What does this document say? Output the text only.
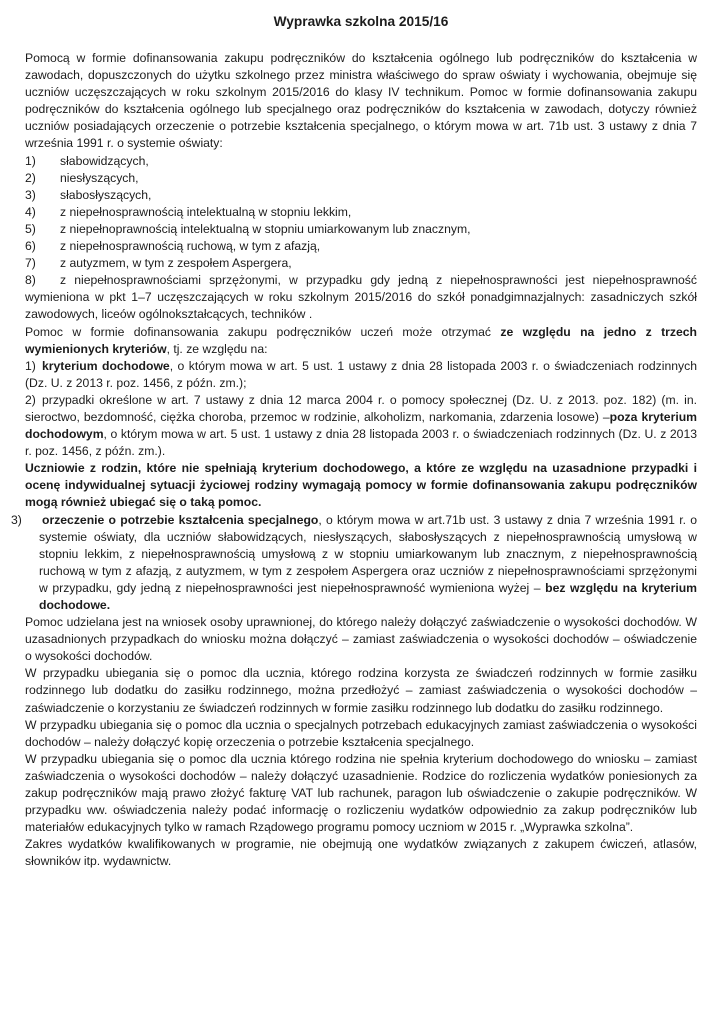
Wyprawka szkolna 2015/16

Pomocą w formie dofinansowania zakupu podręczników do kształcenia ogólnego lub podręczników do kształcenia w zawodach, dopuszczonych do użytku szkolnego przez ministra właściwego do spraw oświaty i wychowania, obejmuje się uczniów uczęszczających w roku szkolnym 2015/2016 do klasy IV technikum. Pomoc w formie dofinansowania zakupu podręczników do kształcenia ogólnego lub specjalnego oraz podręczników do kształcenia w zawodach, dotyczy również uczniów posiadających orzeczenie o potrzebie kształcenia specjalnego, o którym mowa w art. 71b ust. 3 ustawy z dnia 7 września 1991 r. o systemie oświaty:

1) słabowidzących,

2) niesłyszących,

3) słabosłyszących,

4) z niepełnosprawnością intelektualną w stopniu lekkim,

5) z niepełnoprawnością intelektualną w stopniu umiarkowanym lub znacznym,

6) z niepełnosprawnością ruchową, w tym z afazją,

7) z autyzmem, w tym z zespołem Aspergera,

8) z niepełnosprawnościami sprzężonymi, w przypadku gdy jedną z niepełnosprawności jest niepełnosprawność wymieniona w pkt 1–7 uczęszczających w roku szkolnym 2015/2016 do szkół ponadgimnazjalnych: zasadniczych szkół zawodowych, liceów ogólnokształcących, techników .

Pomoc w formie dofinansowania zakupu podręczników uczeń może otrzymać ze względu na jedno z trzech wymienionych kryteriów, tj. ze względu na:

1) kryterium dochodowe, o którym mowa w art. 5 ust. 1 ustawy z dnia 28 listopada 2003 r. o świadczeniach rodzinnych (Dz. U. z 2013 r. poz. 1456, z późn. zm.);

2) przypadki określone w art. 7 ustawy z dnia 12 marca 2004 r. o pomocy społecznej (Dz. U. z 2013. poz. 182) (m. in. sieroctwo, bezdomność, ciężka choroba, przemoc w rodzinie, alkoholizm, narkomania, zdarzenia losowe) –poza kryterium dochodowym, o którym mowa w art. 5 ust. 1 ustawy z dnia 28 listopada 2003 r. o świadczeniach rodzinnych (Dz. U. z 2013 r. poz. 1456, z późn. zm.).

Uczniowie z rodzin, które nie spełniają kryterium dochodowego, a które ze względu na uzasadnione przypadki i ocenę indywidualnej sytuacji życiowej rodziny wymagają pomocy w formie dofinansowania zakupu podręczników mogą również ubiegać się o taką pomoc.

3) orzeczenie o potrzebie kształcenia specjalnego, o którym mowa w art.71b ust. 3 ustawy z dnia 7 września 1991 r. o systemie oświaty, dla uczniów słabowidzących, niesłyszących, słabosłyszących z niepełnosprawnością umysłową w stopniu lekkim, z niepełnosprawnością umysłową z w stopniu umiarkowanym lub znacznym, z niepełnosprawnością ruchową w tym z afazją, z autyzmem, w tym z zespołem Aspergera oraz uczniów z niepełnosprawnościami sprzężonymi w przypadku, gdy jedną z niepełnosprawności jest niepełnosprawność wymieniona wyżej – bez względu na kryterium dochodowe.

Pomoc udzielana jest na wniosek osoby uprawnionej, do którego należy dołączyć zaświadczenie o wysokości dochodów. W uzasadnionych przypadkach do wniosku można dołączyć – zamiast zaświadczenia o wysokości dochodów – oświadczenie o wysokości dochodów.

W przypadku ubiegania się o pomoc dla ucznia, którego rodzina korzysta ze świadczeń rodzinnych w formie zasiłku rodzinnego lub dodatku do zasiłku rodzinnego, można przedłożyć – zamiast zaświadczenia o wysokości dochodów – zaświadczenie o korzystaniu ze świadczeń rodzinnych w formie zasiłku rodzinnego lub dodatku do zasiłku rodzinnego.

W przypadku ubiegania się o pomoc dla ucznia o specjalnych potrzebach edukacyjnych zamiast zaświadczenia o wysokości dochodów – należy dołączyć kopię orzeczenia o potrzebie kształcenia specjalnego.

W przypadku ubiegania się o pomoc dla ucznia którego rodzina nie spełnia kryterium dochodowego do wniosku – zamiast zaświadczenia o wysokości dochodów – należy dołączyć uzasadnienie. Rodzice do rozliczenia wydatków poniesionych za zakup podręczników mają prawo złożyć fakturę VAT lub rachunek, paragon lub oświadczenie o zakupie podręczników. W przypadku ww. oświadczenia należy podać informację o rozliczeniu wydatków odpowiednio za zakup podręczników lub materiałów edukacyjnych tylko w ramach Rządowego programu pomocy uczniom w 2015 r. „Wyprawka szkolna”.

Zakres wydatków kwalifikowanych w programie, nie obejmują one wydatków związanych z zakupem ćwiczeń, atlasów, słowników itp. wydawnictw.
